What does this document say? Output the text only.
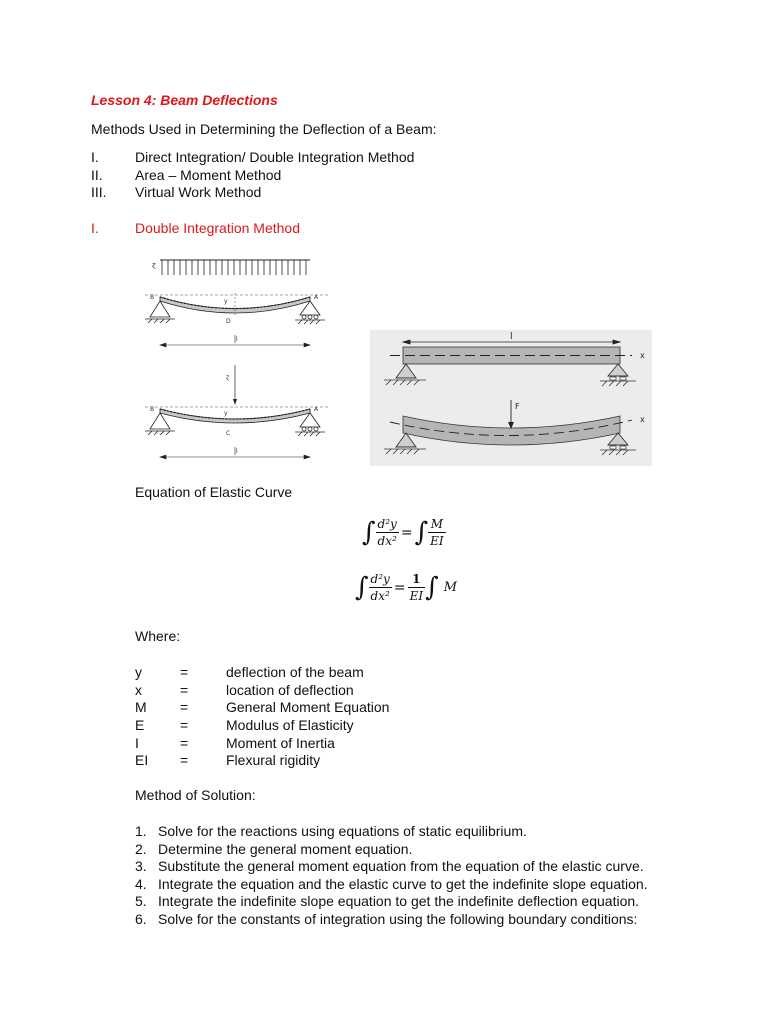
Lesson 4: Beam Deflections
Methods Used in Determining the Deflection of a Beam:
I.	Direct Integration/ Double Integration Method
II. Area – Moment Method
III. Virtual Work Method
I.	Double Integration Method
ɀ
B	A
y
D
l
ɀ
B	A
y
C
l
l
x
x
F
Equation of Elastic Curve
∫ $\frac{\text{d²y}}{\text{dx²}}$ =∫ $\frac{M}{EI}$
∫ $\frac{\text{d²y}}{\text{dx²}} = \frac{1}{EI}$ ∫ M
Where:
y	=	deflection of the beam
x	=	location of deflection
M =	General Moment Equation
E	=	Modulus of Elasticity
I	=	Moment of Inertia
EI =	Flexural rigidity
Method of Solution:
1. Solve for the reactions using equations of static equilibrium.
2. Determine the general moment equation.
3. Substitute the general moment equation from the equation of the elastic curve.
4. Integrate the equation and the elastic curve to get the indefinite slope equation.
5. Integrate the indefinite slope equation to get the indefinite deflection equation.
6. Solve for the constants of integration using the following boundary conditions:
